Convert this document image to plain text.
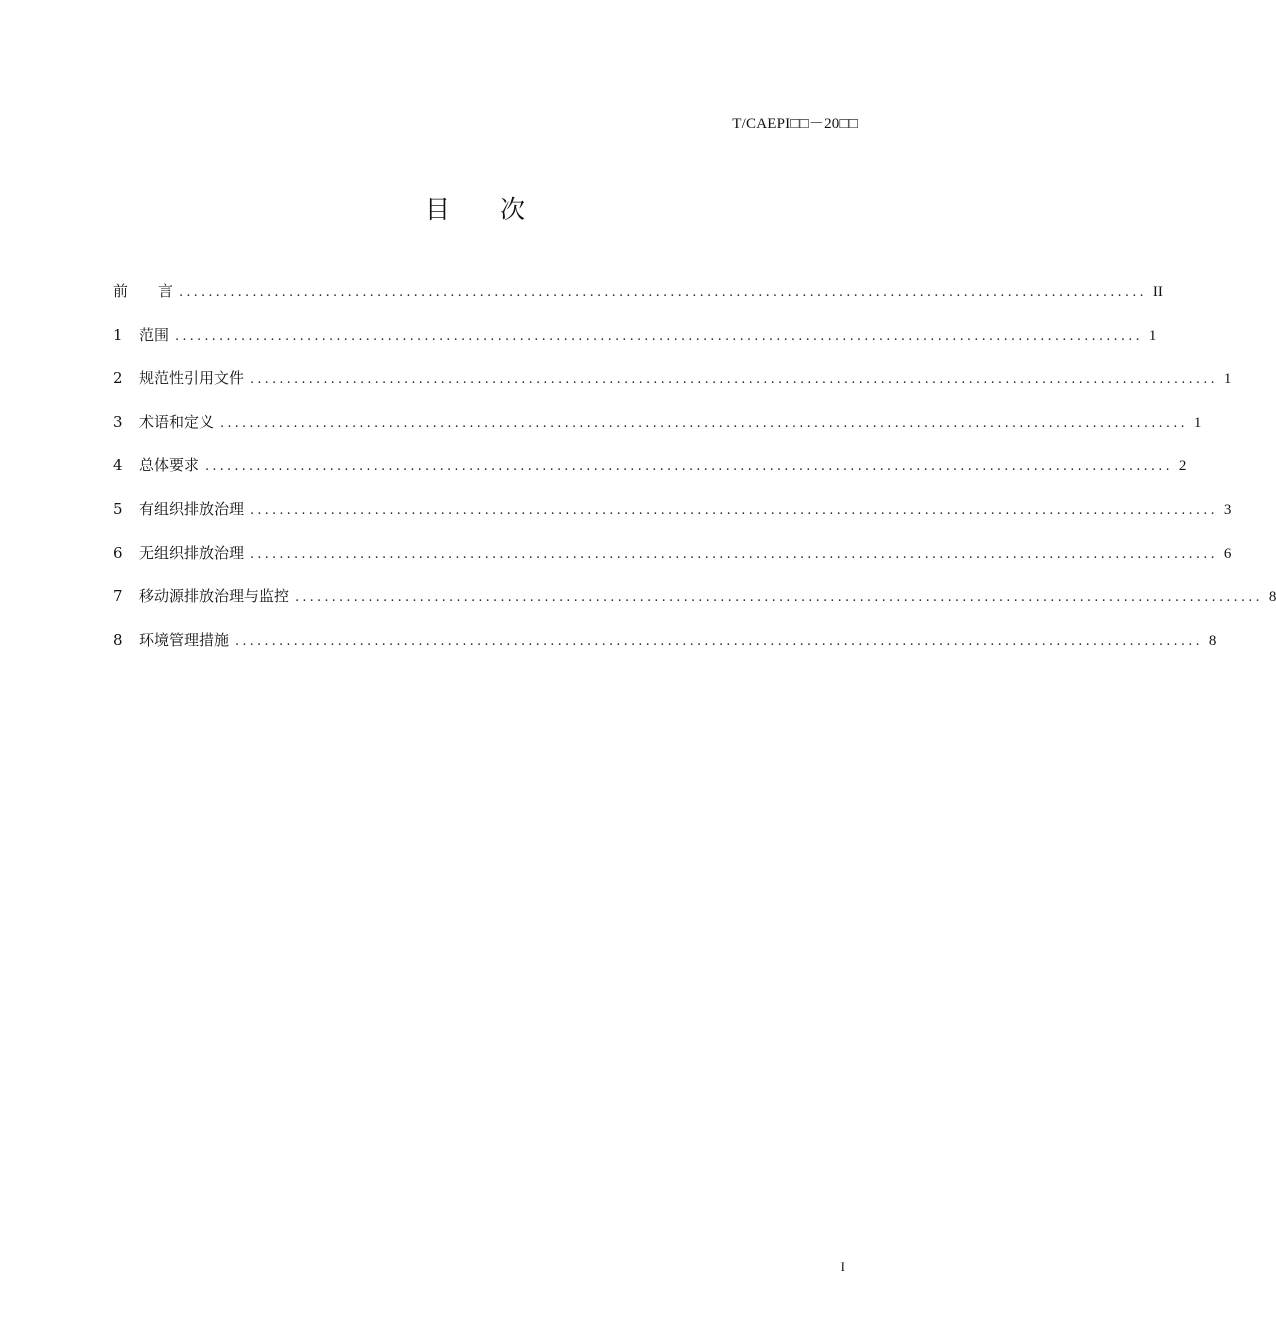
T/CAEPI□□－20□□
目　　次
前　　言 .................................................................................................................................... II
1	范围 .................................................................................................................................... 1
2	规范性引用文件 .................................................................................................................................... 1
3	术语和定义 .................................................................................................................................... 1
4	总体要求 .................................................................................................................................... 2
5	有组织排放治理 .................................................................................................................................... 3
6	无组织排放治理 .................................................................................................................................... 6
7	移动源排放治理与监控 .................................................................................................................................... 8
8	环境管理措施 .................................................................................................................................... 8
I
